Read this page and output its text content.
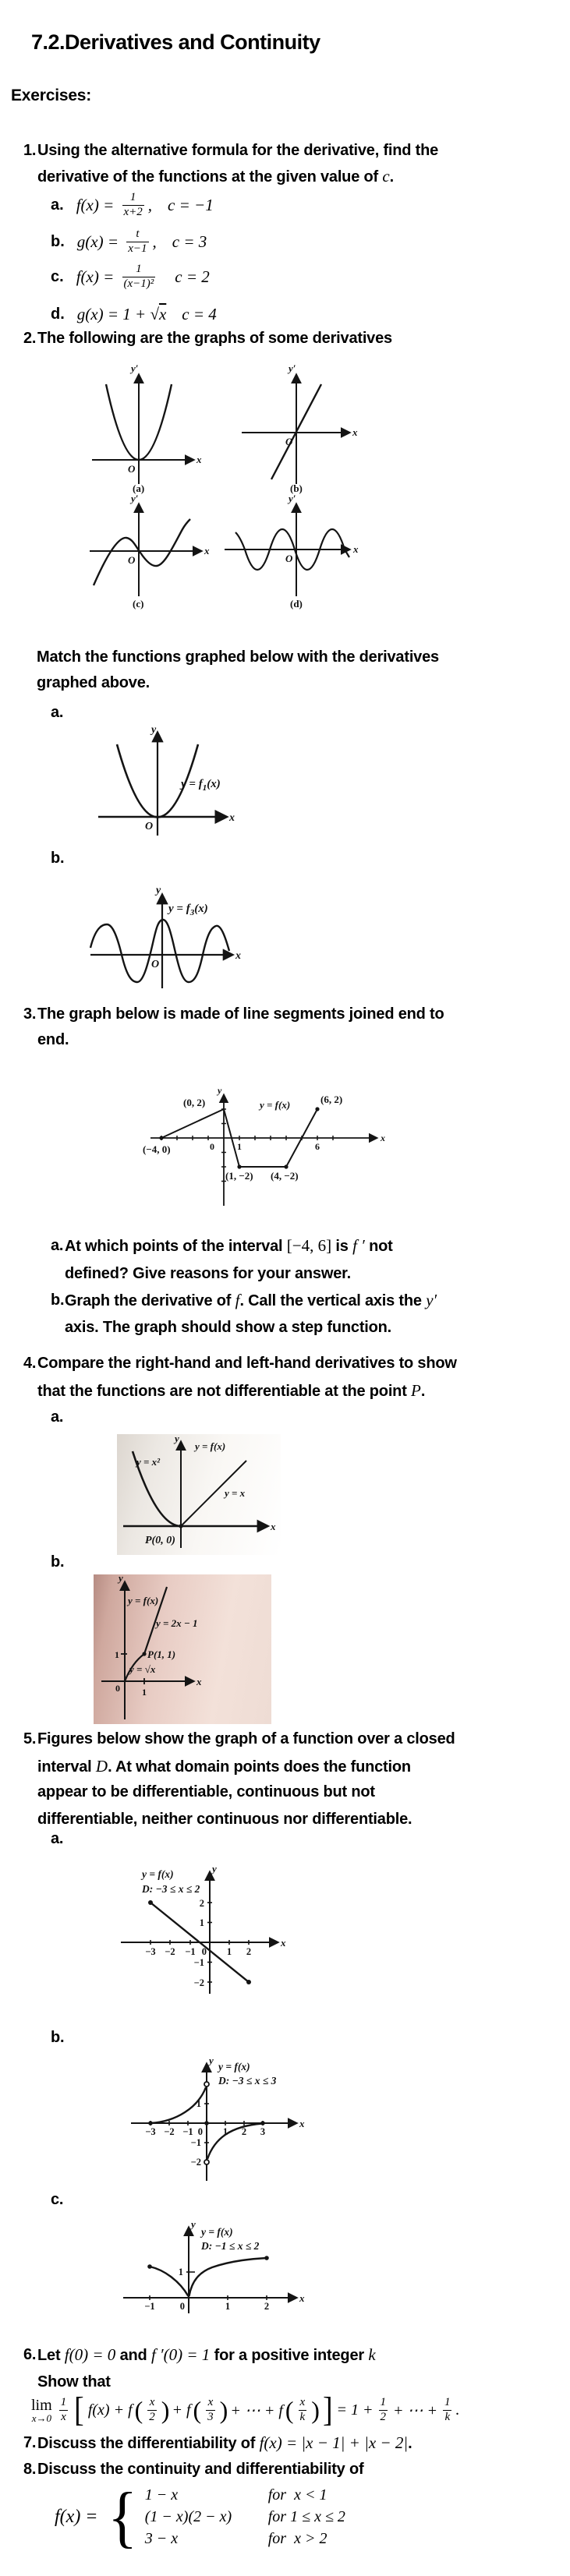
7.2.Derivatives and Continuity
Exercises:
1. Using the alternative formula for the derivative, find the
derivative of the functions at the given value of c.
a. $f(x) = \frac{1}{x+2}$ , c = −1
b. $g(x) = \frac{t}{x-1}$ , c = 3
c. $f(x) = \frac{1}{\text{(x−1)²}}$ c = 2
d. g(x) = 1 + √ x c = 4
2. The following are the graphs of some derivatives
y′
x
O
(a)
y′
x
O
(b)
y′
x
O
(c)
y′
x
O
(d)
Match the functions graphed below with the derivatives
graphed above.
a.
y
x
O
$y = f_1(x)$
b.
y
x
O
$y = f_3(x)$
3. The graph below is made of line segments joined end to
end.
y
x
(0, 2)	(6, 2)
y = f(x)
(−4, 0)
(1, −2) (4, −2)
0 1	6
a. At which points of the interval [−4, 6] is f ′ not
defined? Give reasons for your answer.
b. Graph the derivative of f. Call the vertical axis the y′
axis. The graph should show a step function.
4. Compare the right-hand and left-hand derivatives to show
that the functions are not differentiable at the point P.
a.
y
x
y = f(x)
y = x²
y = x
P(0, 0)
b.
y
x
y = f(x)
y = 2x − 1
P(1, 1)
y = √x
1
0 1
5. Figures below show the graph of a function over a closed
interval D. At what domain points does the function
appear to be differentiable, continuous but not
differentiable, neither continuous nor differentiable.
a.
y = f(x)
D: −3 ≤ x ≤ 2
y
x
−3 −2 −1 0 1 2
2
1
−1
−2
b.
y = f(x)
D: −3 ≤ x ≤ 3
y
x
−3 −2 −1 0 1 2 3
1
−1
−2
c.
y = f(x)
D: −1 ≤ x ≤ 2
y
x
−1	0	1	2
1
6. Let f(0) = 0 and f ′(0) = 1 for a positive integer k
Show that
lim
$x\to 0 \frac{1}{x}$ [ f(x) + f ( $\frac{x}{2}$ ) + f ( $\frac{x}{3}$ ) + ⋯ + f ( $\frac{x}{k}$ ) ] = $1 + \frac{1}{2}$ + ⋯ + $\frac{1}{k}$ .
7. Discuss the differentiability of f(x) = |x − 1| + |x − 2|.
8. Discuss the continuity and differentiability of
f(x) = { 1 − x	for  x < 1
(1 − x)(2 − x)	for 1 ≤ x ≤ 2
3 − x	for  x > 2
